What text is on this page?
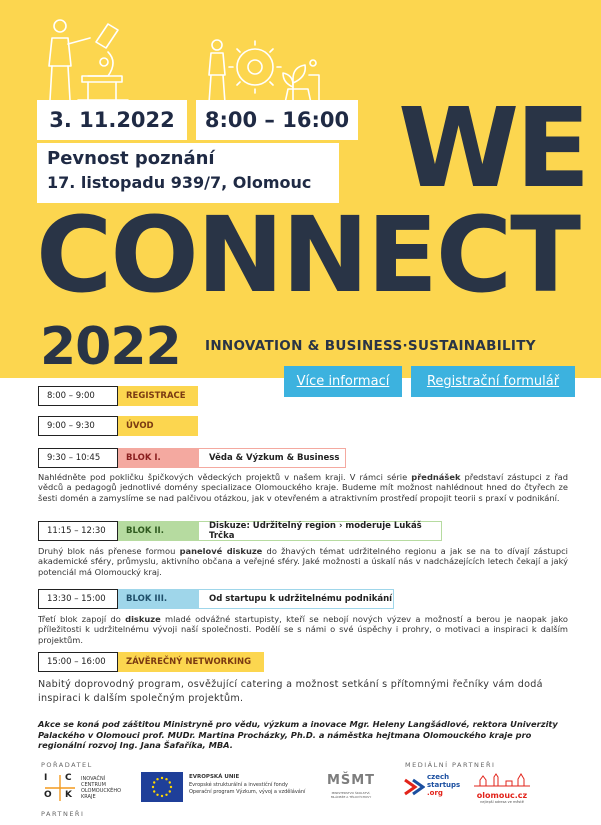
3. 11.2022	8:00 – 16:00
Pevnost poznání
17. listopadu 939/7, Olomouc WE
CONNECT
2022 INNOVATION & BUSINESS·SUSTAINABILITY
Více informací	Registrační formulář
8:00 – 9:00	REGISTRACE
9:00 – 9:30	ÚVOD
9:30 – 10:45	BLOK I.	Věda & Výzkum & Business
Nahlédněte pod pokličku špičkových vědeckých projektů v našem kraji. V rámci série přednášek představí zástupci z řad vědců a pedagogů jednotlivé domény specializace Olomouckého kraje. Budeme mít možnost nahlédnout hned do čtyřech ze šesti domén a zamyslíme se nad palčivou otázkou, jak v otevřeném a atraktivním prostředí propojit teorii s praxí v podnikání.
11:15 – 12:30	BLOK II.	Diskuze: Udržitelný region › moderuje Lukáš Trčka
Druhý blok nás přenese formou panelové diskuze do žhavých témat udržitelného regionu a jak se na to dívají zástupci akademické sféry, průmyslu, aktivního občana a veřejné sféry. Jaké možnosti a úskalí nás v nadcházejících letech čekají a jaký potenciál má Olomoucký kraj.
13:30 – 15:00	BLOK III.	Od startupu k udržitelnému podnikání
Třetí blok zapojí do diskuze mladé odvážné startupisty, kteří se nebojí nových výzev a možností a berou je naopak jako příležitosti k udržitelnému vývoji naší společnosti. Podělí se s námi o své úspěchy i prohry, o motivaci a inspiraci k dalším projektům.
15:00 – 16:00	ZÁVĚREČNÝ NETWORKING
Nabitý doprovodný program, osvěžující catering a možnost setkání s přítomnými řečníky vám dodá inspiraci k dalším společným projektům.
Akce se koná pod záštitou Ministryně pro vědu, výzkum a inovace Mgr. Heleny Langšádlové, rektora Univerzity Palackého v Olomouci prof. MUDr. Martina Procházky, Ph.D. a náměstka hejtmana Olomouckého kraje pro regionální rozvoj Ing. Jana Šafaříka, MBA.
POŘADATEL	MEDIÁLNÍ PARTNEŘI
PARTNEŘI
I C
O K
INOVAČNÍ
CENTRUM
OLOMOUCKÉHO
KRAJE
EVROPSKÁ UNIE
Evropské strukturální a investiční fondy
Operační program Výzkum, vývoj a vzdělávání
MŠMT
MINISTERSTVO ŠKOLSTVÍ, MLÁDEŽE A TĚLOVÝCHOVY
czech
startups
.org	olomouc.cz
nejlepší adresa ve městě
